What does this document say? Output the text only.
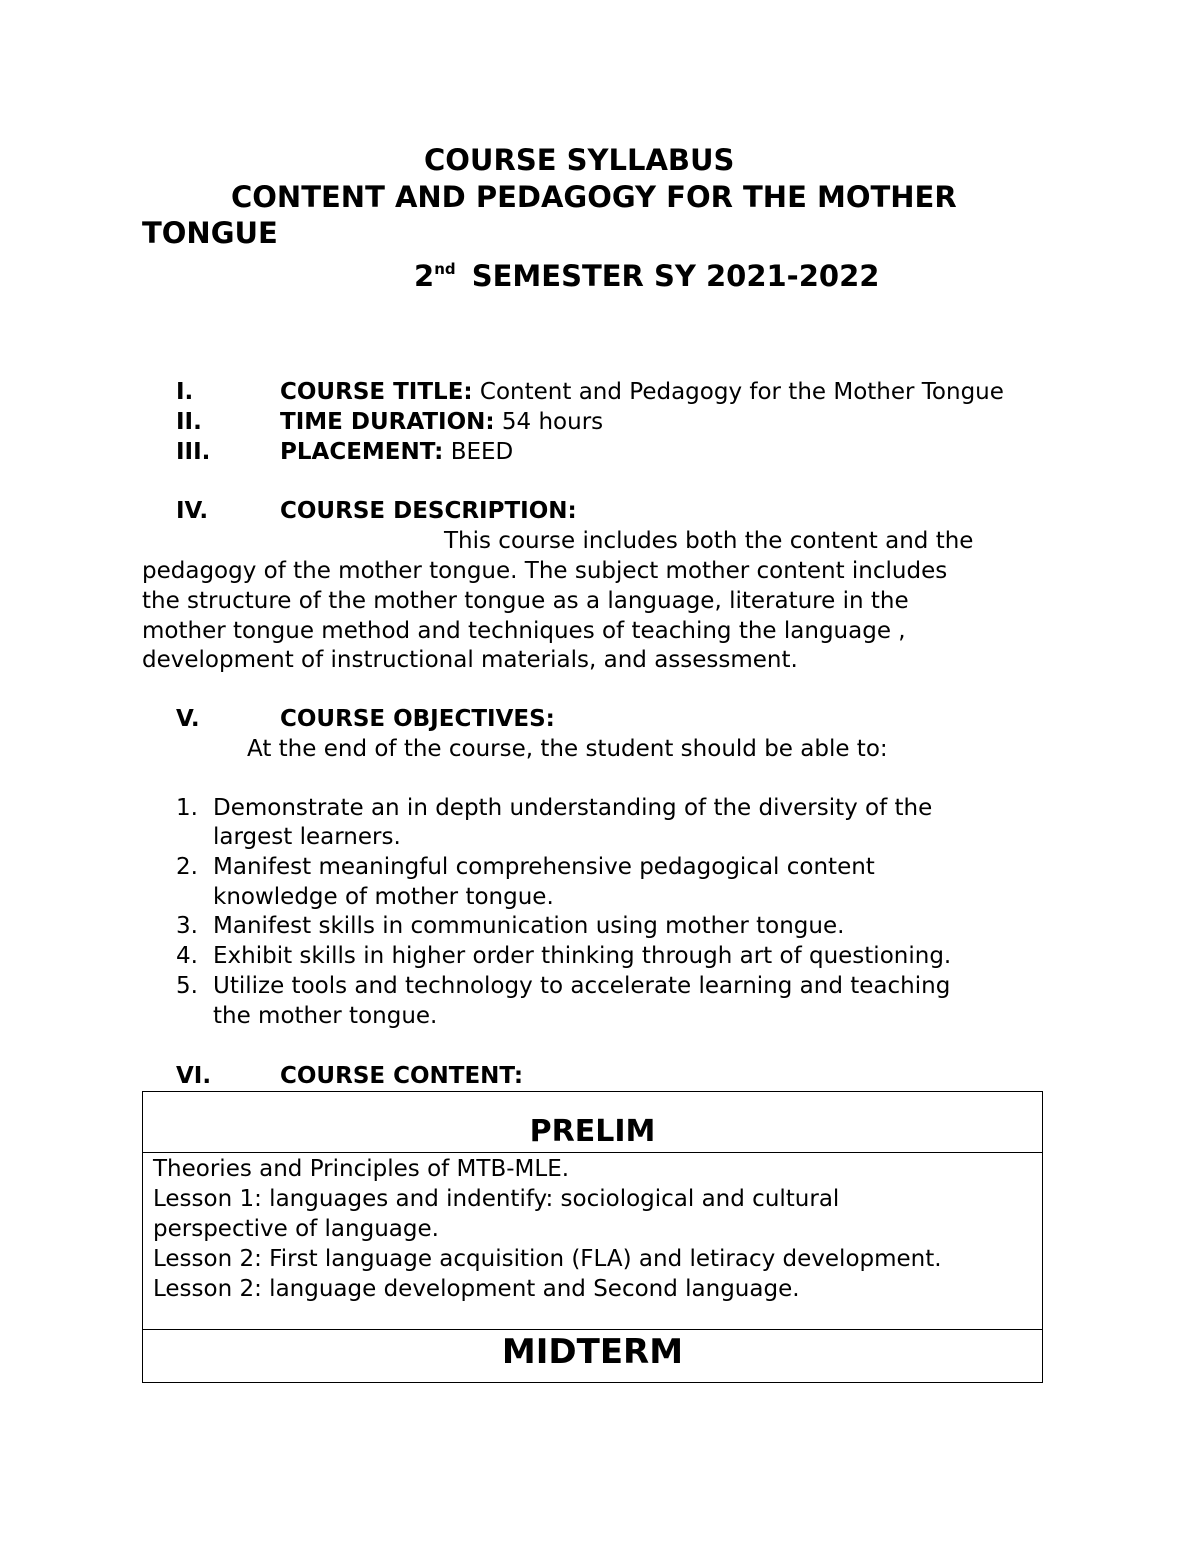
COURSE SYLLABUS
CONTENT AND PEDAGOGY FOR THE MOTHER
TONGUE
2nd SEMESTER SY 2021-2022
I.	COURSE TITLE: Content and Pedagogy for the Mother Tongue
II.	TIME DURATION: 54 hours
III.	PLACEMENT: BEED
IV.	COURSE DESCRIPTION:
This course includes both the content and the
pedagogy of the mother tongue. The subject mother content includes
the structure of the mother tongue as a language, literature in the
mother tongue method and techniques of teaching the language ,
development of instructional materials, and assessment.
V.	COURSE OBJECTIVES:
At the end of the course, the student should be able to:
1. Demonstrate an in depth understanding of the diversity of the
largest learners.
2. Manifest meaningful comprehensive pedagogical content
knowledge of mother tongue.
3. Manifest skills in communication using mother tongue.
4. Exhibit skills in higher order thinking through art of questioning.
5. Utilize tools and technology to accelerate learning and teaching
the mother tongue.
VI.	COURSE CONTENT:
PRELIM
Theories and Principles of MTB-MLE.
Lesson 1: languages and indentify: sociological and cultural
perspective of language.
Lesson 2: First language acquisition (FLA) and letiracy development.
Lesson 2: language development and Second language.
MIDTERM
